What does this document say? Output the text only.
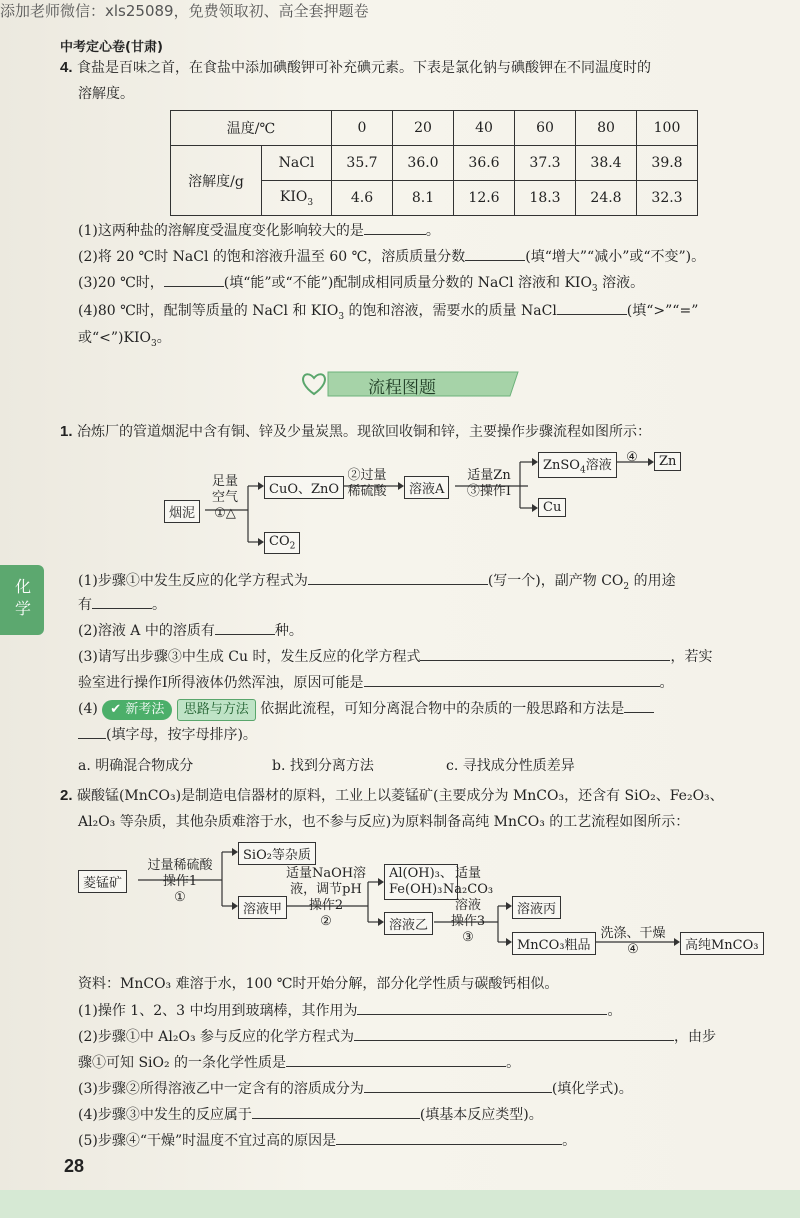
添加老师微信：xls25089，免费领取初、高全套押题卷
中考定心卷(甘肃)
4. 食盐是百味之首，在食盐中添加碘酸钾可补充碘元素。下表是氯化钠与碘酸钾在不同温度时的
溶解度。
温度/℃		0	20	40	60	80	100
溶解度/g	NaCl	35.7	36.0	36.6	37.3	38.4	39.8
	$KIO_3$	4.6	8.1	12.6	18.3	24.8	32.3
(1)这两种盐的溶解度受温度变化影响较大的是	。
(2)将 20 ℃时 NaCl 的饱和溶液升温至 60 ℃，溶质质量分数	(填“增大”“减小”或“不变”)。
(3)20 ℃时，	(填“能”或“不能”)配制成相同质量分数的 NaCl 溶液和 $KIO_3$ 溶液。
(4)80 ℃时，配制等质量的 NaCl 和 $KIO_3$ 的饱和溶液，需要水的质量 NaCl	(填“>”“=”
或“$<”)KIO_3$。
流程图题
化学
1. 冶炼厂的管道烟泥中含有铜、锌及少量炭黑。现欲回收铜和锌，主要操作步骤流程如图所示：
烟泥
足量
空气
①△
CuO、ZnO
$CO_2$
②过量
稀硫酸	溶液A
适量Zn
③操作Ⅰ
ZnSO$_4$溶液
④	Zn
Cu
(1)步骤①中发生反应的化学方程式为	(写一个)，副产物 $CO_2$ 的用途
有	。
(2)溶液 A 中的溶质有	种。
(3)请写出步骤③中生成 Cu 时，发生反应的化学方程式	，若实
验室进行操作Ⅰ所得液体仍然浑浊，原因可能是	。
(4) ✔ 新考法 思路与方法 依据此流程，可知分离混合物中的杂质的一般思路和方法是
(填字母，按字母排序)。
a. 明确混合物成分	b. 找到分离方法	c. 寻找成分性质差异
2. 碳酸锰(MnCO₃)是制造电信器材的原料，工业上以菱锰矿(主要成分为 MnCO₃，还含有 SiO₂、Fe₂O₃、
Al₂O₃ 等杂质，其他杂质难溶于水，也不参与反应)为原料制备高纯 MnCO₃ 的工艺流程如图所示：
菱锰矿
过量稀硫酸
操作1
①
SiO₂等杂质
溶液甲
适量NaOH溶
液，调节pH
操作2
②
Al(OH)₃、
Fe(OH)₃
溶液乙
适量
Na₂CO₃
溶液
操作3
③
溶液丙
MnCO₃粗品
洗涤、干燥
④	高纯MnCO₃
资料：MnCO₃ 难溶于水，100 ℃时开始分解，部分化学性质与碳酸钙相似。
(1)操作 1、2、3 中均用到玻璃棒，其作用为	。
(2)步骤①中 Al₂O₃ 参与反应的化学方程式为	，由步
骤①可知 SiO₂ 的一条化学性质是	。
(3)步骤②所得溶液乙中一定含有的溶质成分为	(填化学式)。
(4)步骤③中发生的反应属于	(填基本反应类型)。
(5)步骤④“干燥”时温度不宜过高的原因是	。
28
